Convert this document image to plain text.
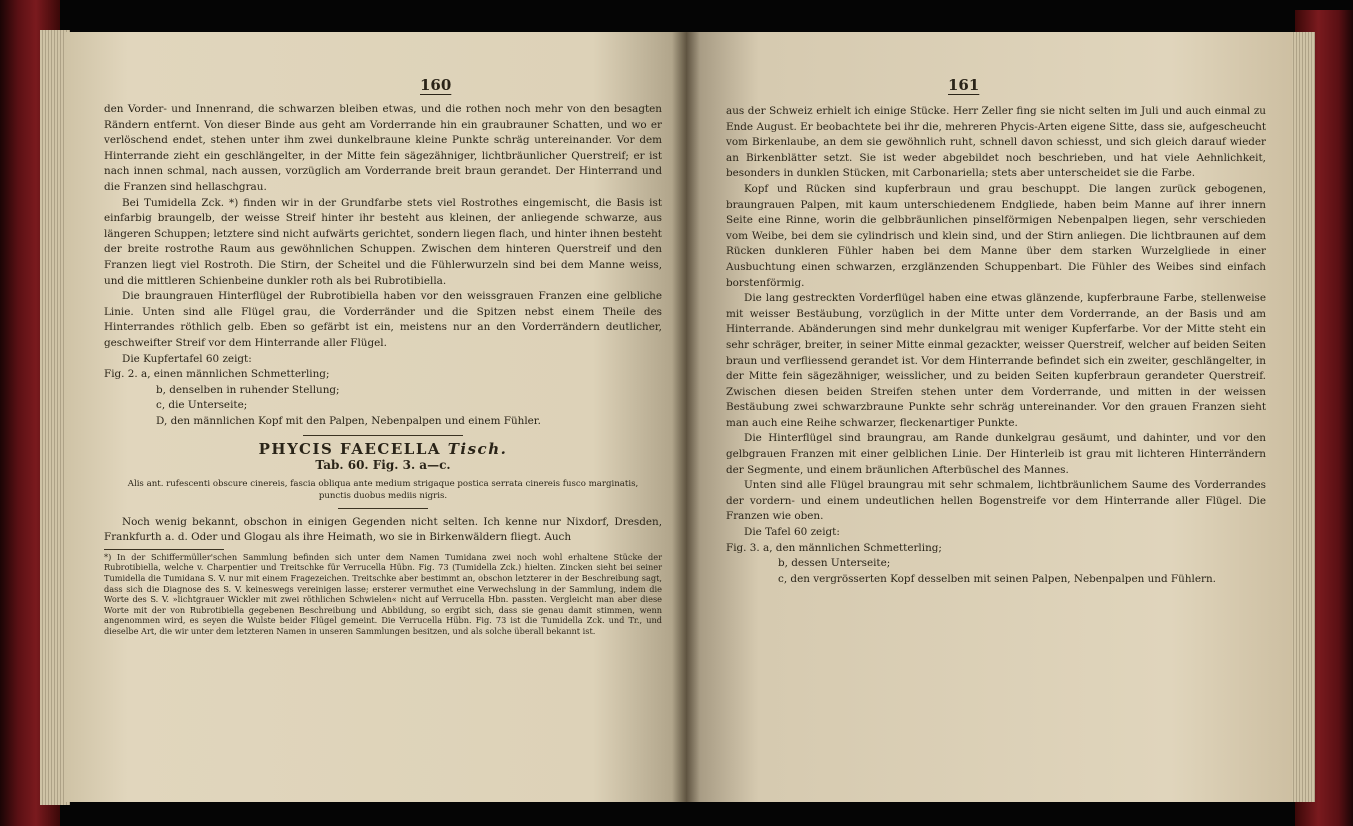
160

den Vorder- und Innenrand, die schwarzen bleiben etwas, und die rothen noch mehr von den besagten Rändern entfernt. Von dieser Binde aus geht am Vorderrande hin ein graubrauner Schatten, und wo er verlöschend endet, stehen unter ihm zwei dunkelbraune kleine Punkte schräg untereinander. Vor dem Hinterrande zieht ein geschlängelter, in der Mitte fein sägezähniger, lichtbräunlicher Querstreif; er ist nach innen schmal, nach aussen, vorzüglich am Vorderrande breit braun gerandet. Der Hinterrand und die Franzen sind hellaschgrau.

Bei Tumidella Zck. *) finden wir in der Grundfarbe stets viel Rostrothes eingemischt, die Basis ist einfarbig braungelb, der weisse Streif hinter ihr besteht aus kleinen, der anliegende schwarze, aus längeren Schuppen; letztere sind nicht aufwärts gerichtet, sondern liegen flach, und hinter ihnen besteht der breite rostrothe Raum aus gewöhnlichen Schuppen. Zwischen dem hinteren Querstreif und den Franzen liegt viel Rostroth. Die Stirn, der Scheitel und die Fühlerwurzeln sind bei dem Manne weiss, und die mittleren Schienbeine dunkler roth als bei Rubrotibiella.

Die braungrauen Hinterflügel der Rubrotibiella haben vor den weissgrauen Franzen eine gelbliche Linie. Unten sind alle Flügel grau, die Vorderränder und die Spitzen nebst einem Theile des Hinterrandes röthlich gelb. Eben so gefärbt ist ein, meistens nur an den Vorderrändern deutlicher, geschweifter Streif vor dem Hinterrande aller Flügel.

Die Kupfertafel 60 zeigt:

Fig. 2. a, einen männlichen Schmetterling;

b, denselben in ruhender Stellung;

c, die Unterseite;

D, den männlichen Kopf mit den Palpen, Nebenpalpen und einem Fühler.

PHYCIS FAECELLA Tisch.
Tab. 60. Fig. 3. a—c.
Alis ant. rufescenti obscure cinereis, fascia obliqua ante medium strigaque postica serrata cinereis fusco marginatis, punctis duobus mediis nigris.

Noch wenig bekannt, obschon in einigen Gegenden nicht selten. Ich kenne nur Nixdorf, Dresden, Frankfurth a. d. Oder und Glogau als ihre Heimath, wo sie in Birkenwäldern fliegt. Auch

*) In der Schiffermüller'schen Sammlung befinden sich unter dem Namen Tumidana zwei noch wohl erhaltene Stücke der Rubrotibiella, welche v. Charpentier und Treitschke für Verrucella Hübn. Fig. 73 (Tumidella Zck.) hielten. Zincken sieht bei seiner Tumidella die Tumidana S. V. nur mit einem Fragezeichen. Treitschke aber bestimmt an, obschon letzterer in der Beschreibung sagt, dass sich die Diagnose des S. V. keineswegs vereinigen lasse; ersterer vermuthet eine Verwechslung in der Sammlung, indem die Worte des S. V. »lichtgrauer Wickler mit zwei röthlichen Schwielen« nicht auf Verrucella Hbn. passten. Vergleicht man aber diese Worte mit der von Rubrotibiella gegebenen Beschreibung und Abbildung, so ergibt sich, dass sie genau damit stimmen, wenn angenommen wird, es seyen die Wulste beider Flügel gemeint. Die Verrucella Hübn. Fig. 73 ist die Tumidella Zck. und Tr., und dieselbe Art, die wir unter dem letzteren Namen in unseren Sammlungen besitzen, und als solche überall bekannt ist.
161

aus der Schweiz erhielt ich einige Stücke. Herr Zeller fing sie nicht selten im Juli und auch einmal zu Ende August. Er beobachtete bei ihr die, mehreren Phycis-Arten eigene Sitte, dass sie, aufgescheucht vom Birkenlaube, an dem sie gewöhnlich ruht, schnell davon schiesst, und sich gleich darauf wieder an Birkenblätter setzt. Sie ist weder abgebildet noch beschrieben, und hat viele Aehnlichkeit, besonders in dunklen Stücken, mit Carbonariella; stets aber unterscheidet sie die Farbe.

Kopf und Rücken sind kupferbraun und grau beschuppt. Die langen zurück gebogenen, braungrauen Palpen, mit kaum unterschiedenem Endgliede, haben beim Manne auf ihrer innern Seite eine Rinne, worin die gelbbräunlichen pinselförmigen Nebenpalpen liegen, sehr verschieden vom Weibe, bei dem sie cylindrisch und klein sind, und der Stirn anliegen. Die lichtbraunen auf dem Rücken dunkleren Fühler haben bei dem Manne über dem starken Wurzelgliede in einer Ausbuchtung einen schwarzen, erzglänzenden Schuppenbart. Die Fühler des Weibes sind einfach borstenförmig.

Die lang gestreckten Vorderflügel haben eine etwas glänzende, kupferbraune Farbe, stellenweise mit weisser Bestäubung, vorzüglich in der Mitte unter dem Vorderrande, an der Basis und am Hinterrande. Abänderungen sind mehr dunkelgrau mit weniger Kupferfarbe. Vor der Mitte steht ein sehr schräger, breiter, in seiner Mitte einmal gezackter, weisser Querstreif, welcher auf beiden Seiten braun und verfliessend gerandet ist. Vor dem Hinterrande befindet sich ein zweiter, geschlängelter, in der Mitte fein sägezähniger, weisslicher, und zu beiden Seiten kupferbraun gerandeter Querstreif. Zwischen diesen beiden Streifen stehen unter dem Vorderrande, und mitten in der weissen Bestäubung zwei schwarzbraune Punkte sehr schräg untereinander. Vor den grauen Franzen sieht man auch eine Reihe schwarzer, fleckenartiger Punkte.

Die Hinterflügel sind braungrau, am Rande dunkelgrau gesäumt, und dahinter, und vor den gelbgrauen Franzen mit einer gelblichen Linie. Der Hinterleib ist grau mit lichteren Hinterrändern der Segmente, und einem bräunlichen Afterbüschel des Mannes.

Unten sind alle Flügel braungrau mit sehr schmalem, lichtbräunlichem Saume des Vorderrandes der vordern- und einem undeutlichen hellen Bogenstreife vor dem Hinterrande aller Flügel. Die Franzen wie oben.

Die Tafel 60 zeigt:

Fig. 3. a, den männlichen Schmetterling;

b, dessen Unterseite;

c, den vergrösserten Kopf desselben mit seinen Palpen, Nebenpalpen und Fühlern.
